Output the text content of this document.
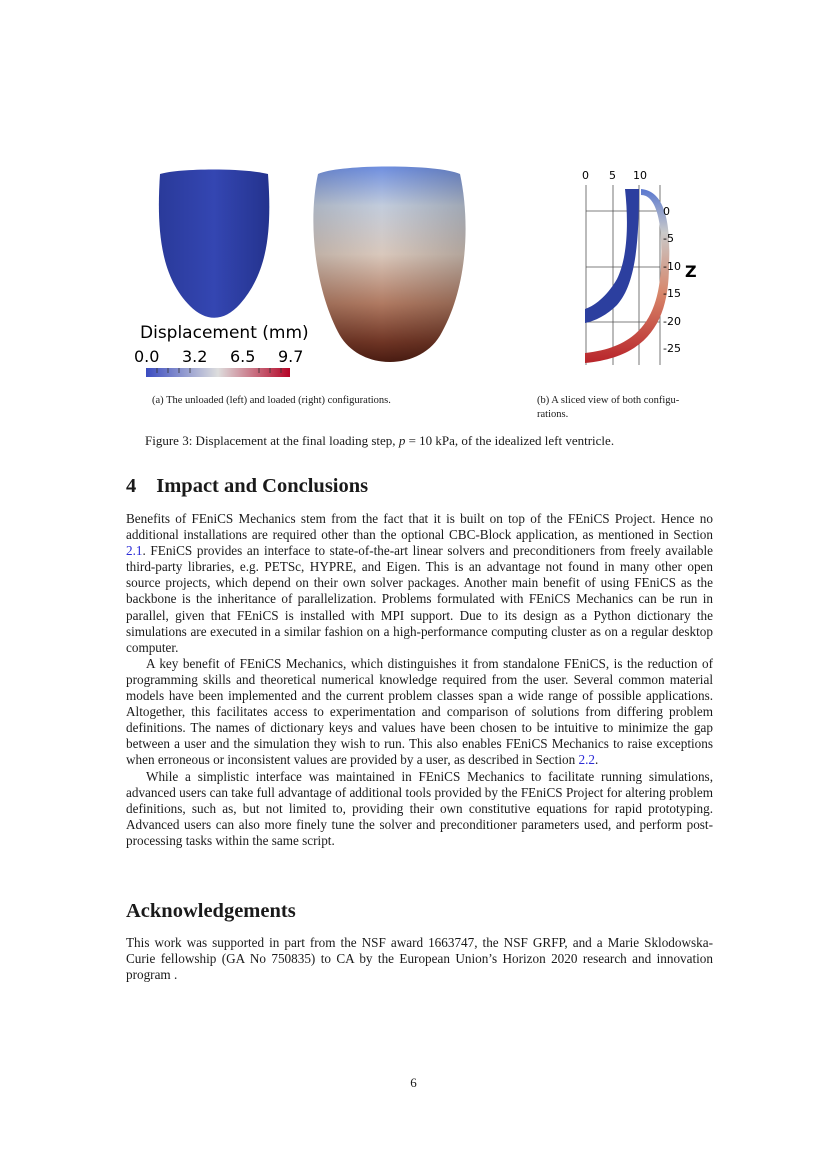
Displacement (mm)
0.0 3.2 6.5 9.7
0 5 10
0
-5
-10
-15
-20
-25
Z
(a) The unloaded (left) and loaded (right) configurations.	(b) A sliced view of both configu-
rations.
Figure 3: Displacement at the final loading step, p = 10 kPa, of the idealized left ventricle.
4 Impact and Conclusions

Benefits of FEniCS Mechanics stem from the fact that it is built on top of the FEniCS Project. Hence no additional installations are required other than the optional CBC-Block application, as mentioned in Section 2.1. FEniCS provides an interface to state-of-the-art linear solvers and preconditioners from freely available third-party libraries, e.g. PETSc, HYPRE, and Eigen. This is an advantage not found in many other open source projects, which depend on their own solver packages. Another main benefit of using FEniCS as the backbone is the inheritance of parallelization. Problems formulated with FEniCS Mechanics can be run in parallel, given that FEniCS is installed with MPI support. Due to its design as a Python dictionary the simulations are executed in a similar fashion on a high-performance computing cluster as on a regular desktop computer.

A key benefit of FEniCS Mechanics, which distinguishes it from standalone FEniCS, is the reduction of programming skills and theoretical numerical knowledge required from the user. Several common material models have been implemented and the current problem classes span a wide range of possible applications. Altogether, this facilitates access to experimentation and comparison of solutions from differing problem definitions. The names of dictionary keys and values have been chosen to be intuitive to minimize the gap between a user and the simulation they wish to run. This also enables FEniCS Mechanics to raise exceptions when erroneous or inconsistent values are provided by a user, as described in Section 2.2.

While a simplistic interface was maintained in FEniCS Mechanics to facilitate running simulations, advanced users can take full advantage of additional tools provided by the FEniCS Project for altering problem definitions, such as, but not limited to, providing their own constitutive equations for rapid prototyping. Advanced users can also more finely tune the solver and preconditioner parameters used, and perform post-processing tasks within the same script.

Acknowledgements
This work was supported in part from the NSF award 1663747, the NSF GRFP, and a Marie Sklodowska-Curie fellowship (GA No 750835) to CA by the European Union’s Horizon 2020 research and innovation program .
6
